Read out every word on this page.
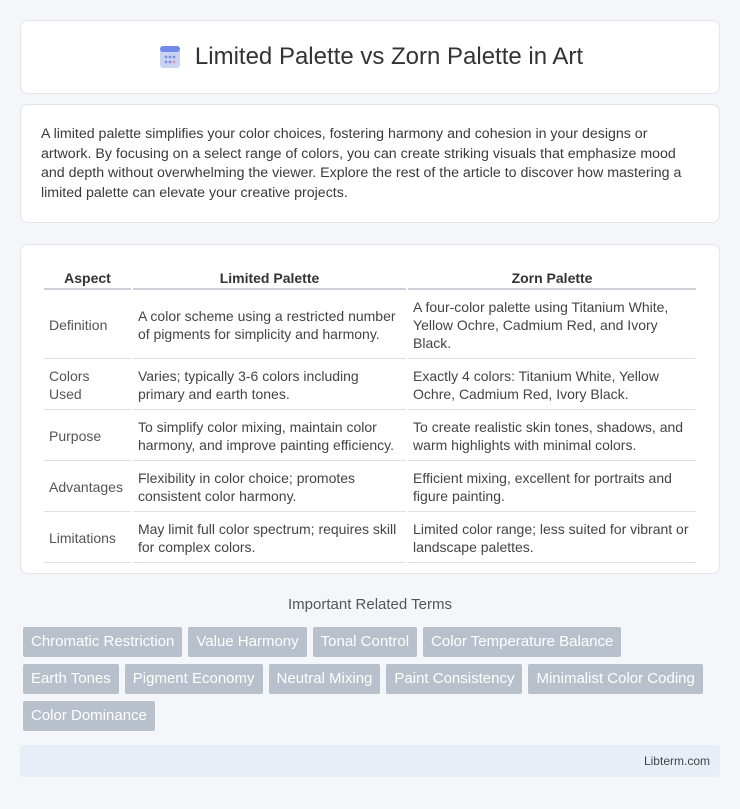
Limited Palette vs Zorn Palette in Art

A limited palette simplifies your color choices, fostering harmony and cohesion in your designs or artwork. By focusing on a select range of colors, you can create striking visuals that emphasize mood and depth without overwhelming the viewer. Explore the rest of the article to discover how mastering a limited palette can elevate your creative projects.

Aspect	Limited Palette	Zorn Palette
Definition	A color scheme using a restricted number of pigments for simplicity and harmony.	A four-color palette using Titanium White, Yellow Ochre, Cadmium Red, and Ivory Black.
Colors Used	Varies; typically 3-6 colors including primary and earth tones.	Exactly 4 colors: Titanium White, Yellow Ochre, Cadmium Red, Ivory Black.
Purpose	To simplify color mixing, maintain color harmony, and improve painting efficiency.	To create realistic skin tones, shadows, and warm highlights with minimal colors.
Advantages	Flexibility in color choice; promotes consistent color harmony.	Efficient mixing, excellent for portraits and figure painting.
Limitations	May limit full color spectrum; requires skill for complex colors.	Limited color range; less suited for vibrant or landscape palettes.
Important Related Terms
Chromatic Restriction	Value Harmony	Tonal Control	Color Temperature Balance
Earth Tones	Pigment Economy	Neutral Mixing	Paint Consistency	Minimalist Color Coding
Color Dominance
Libterm.com
